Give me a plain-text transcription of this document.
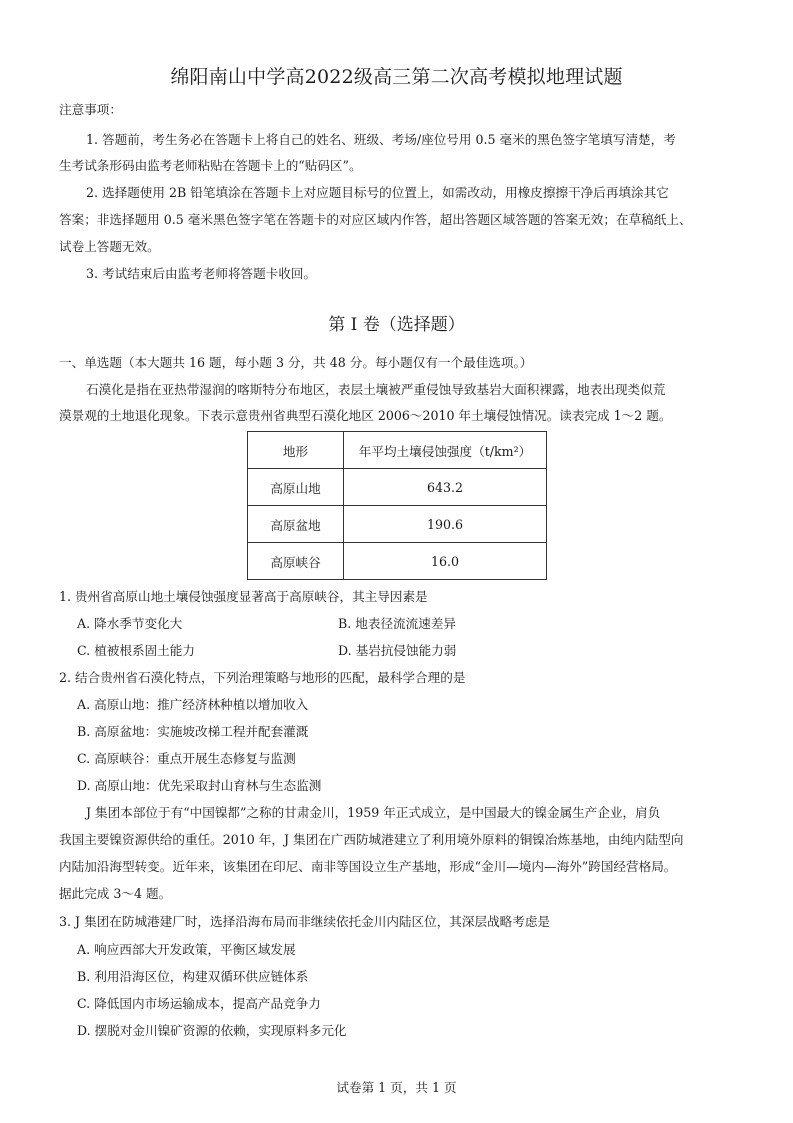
绵阳南山中学高2022级高三第二次高考模拟地理试题
注意事项：
1. 答题前，考生务必在答题卡上将自己的姓名、班级、考场/座位号用 0.5 毫米的黑色签字笔填写清楚，考
生考试条形码由监考老师粘贴在答题卡上的“贴码区”。
2. 选择题使用 2B 铅笔填涂在答题卡上对应题目标号的位置上，如需改动，用橡皮擦擦干净后再填涂其它
答案；非选择题用 0.5 毫米黑色签字笔在答题卡的对应区域内作答，超出答题区域答题的答案无效；在草稿纸上、
试卷上答题无效。
3. 考试结束后由监考老师将答题卡收回。
第 I 卷（选择题）
一、单选题（本大题共 16 题，每小题 3 分，共 48 分。每小题仅有一个最佳选项。）
石漠化是指在亚热带湿润的喀斯特分布地区，表层土壤被严重侵蚀导致基岩大面积裸露，地表出现类似荒
漠景观的土地退化现象。下表示意贵州省典型石漠化地区 2006～2010 年土壤侵蚀情况。读表完成 1～2 题。
地形	年平均土壤侵蚀强度（t/km²）
高原山地	643.2
高原盆地	190.6
高原峡谷	16.0
1. 贵州省高原山地土壤侵蚀强度显著高于高原峡谷，其主导因素是
A. 降水季节变化大	B. 地表径流流速差异
C. 植被根系固土能力	D. 基岩抗侵蚀能力弱
2. 结合贵州省石漠化特点，下列治理策略与地形的匹配，最科学合理的是
A. 高原山地：推广经济林种植以增加收入
B. 高原盆地：实施坡改梯工程并配套灌溉
C. 高原峡谷：重点开展生态修复与监测
D. 高原山地：优先采取封山育林与生态监测
J 集团本部位于有“中国镍都”之称的甘肃金川，1959 年正式成立，是中国最大的镍金属生产企业，肩负
我国主要镍资源供给的重任。2010 年，J 集团在广西防城港建立了利用境外原料的铜镍冶炼基地，由纯内陆型向
内陆加沿海型转变。近年来，该集团在印尼、南非等国设立生产基地，形成“金川—境内—海外”跨国经营格局。
据此完成 3～4 题。
3. J 集团在防城港建厂时，选择沿海布局而非继续依托金川内陆区位，其深层战略考虑是
A. 响应西部大开发政策，平衡区域发展
B. 利用沿海区位，构建双循环供应链体系
C. 降低国内市场运输成本，提高产品竞争力
D. 摆脱对金川镍矿资源的依赖，实现原料多元化
试卷第 1 页，共 1 页
